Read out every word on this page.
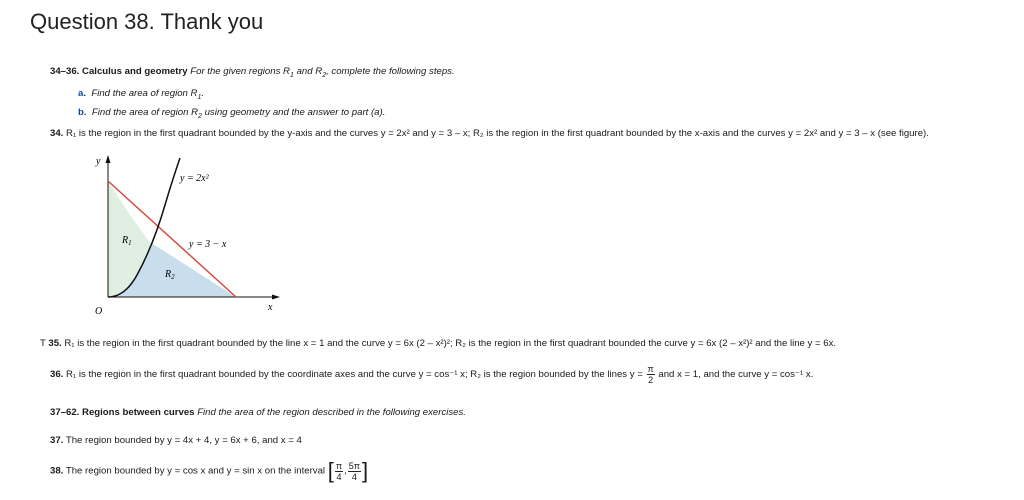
Question 38. Thank you
34–36. Calculus and geometry For the given regions $R_1$ and $R_2$, complete the following steps.
a. Find the area of region $R_1$.
b. Find the area of region $R_2$ using geometry and the answer to part (a).
34. R₁ is the region in the first quadrant bounded by the y-axis and the curves y = 2x² and y = 3 – x; R₂ is the region in the first quadrant bounded by the x-axis and the curves y = 2x² and y = 3 – x (see figure).
y
x
O
y = 2x²
y = 3 − x
$R_1$
$R_2$
T 35. R₁ is the region in the first quadrant bounded by the line x = 1 and the curve y = 6x (2 – x²)²; R₂ is the region in the first quadrant bounded the curve y = 6x (2 – x²)² and the line y = 6x.
36. R₁ is the region in the first quadrant bounded by the coordinate axes and the curve y = cos⁻¹ x; R₂ is the region bounded by the lines $y = \frac{\pi}{2}$ and x = 1, and the curve y = cos⁻¹ x.
37–62. Regions between curves Find the area of the region described in the following exercises.
37. The region bounded by y = 4x + 4, y = 6x + 6, and x = 4
38. The region bounded by y = cos x and y = sin x on the interval [ $\frac{\pi}{4}$ , $\frac{5\pi}{4}$ ]
